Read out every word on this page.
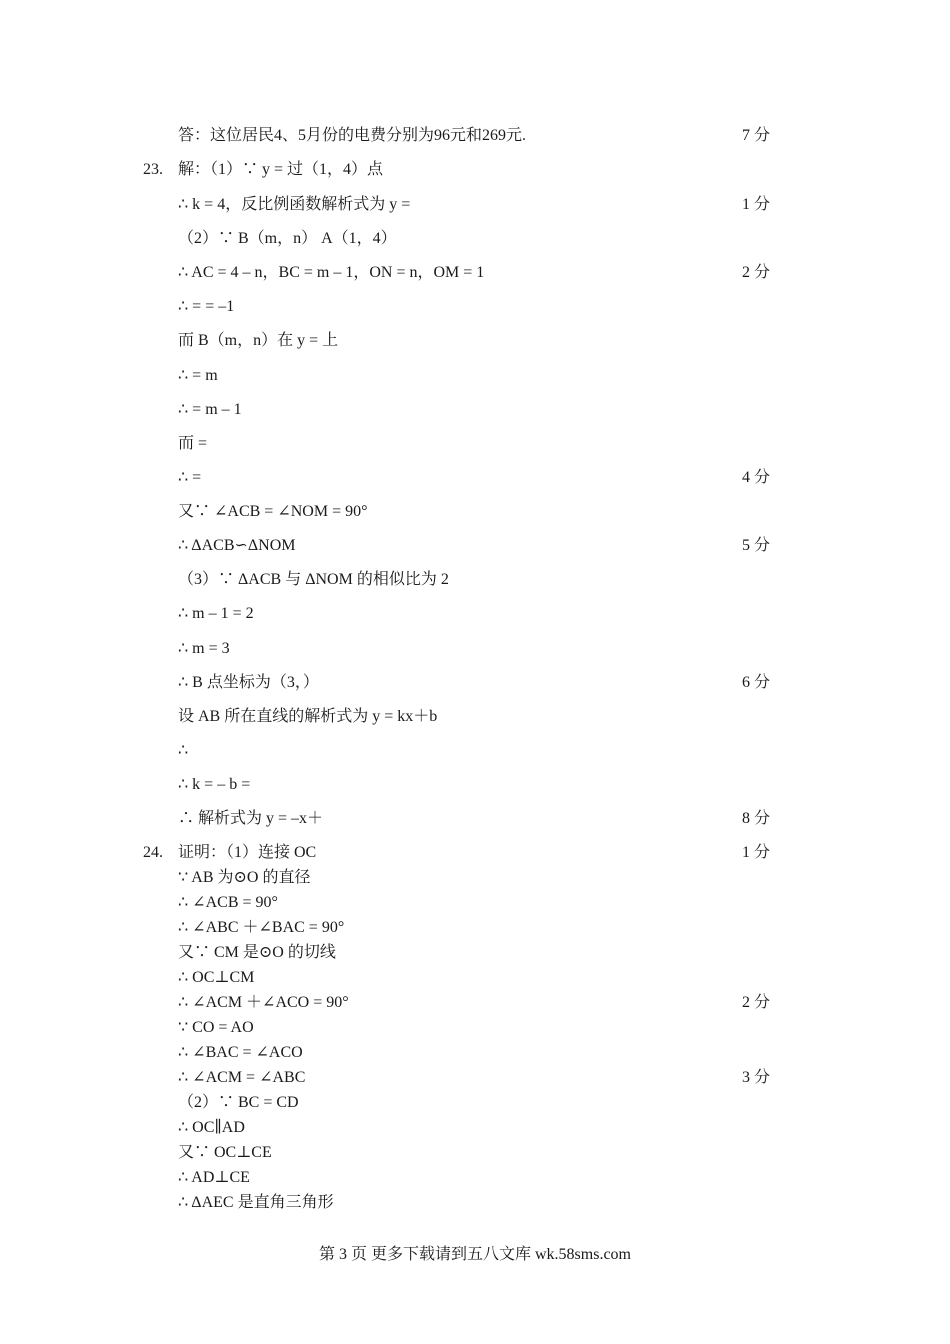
答：这位居民4、5月份的电费分别为96元和269元.	7 分
23. 解：（1）∵ y = 过（1，4）点
∴ k = 4，反比例函数解析式为 y =	1 分
（2）∵ B（m，n） A（1，4）
∴ AC = 4 – n，BC = m – 1，ON = n，OM = 1	2 分
∴ = = –1
而 B（m，n）在 y = 上
∴ = m
∴ = m – 1
而 =
∴ =	4 分
又∵ ∠ACB = ∠NOM = 90°
∴ ΔACB∽ΔNOM	5 分
（3）∵ ΔACB 与 ΔNOM 的相似比为 2
∴ m – 1 = 2
∴ m = 3
∴ B 点坐标为（3，）	6 分
设 AB 所在直线的解析式为 y = kx＋b
∴
∴ k = – b =
∴ 解析式为 y = –x＋	8 分
24. 证明：（1）连接 OC	1 分
∵ AB 为⊙O 的直径
∴ ∠ACB = 90°
∴ ∠ABC ＋∠BAC = 90°
又∵ CM 是⊙O 的切线
∴ OC⊥CM
∴ ∠ACM ＋∠ACO = 90°	2 分
∵ CO = AO
∴ ∠BAC = ∠ACO
∴ ∠ACM = ∠ABC	3 分
（2）∵ BC = CD
∴ OC∥AD
又∵ OC⊥CE
∴ AD⊥CE
∴ ΔAEC 是直角三角形
第 3 页 更多下载请到五八文库 wk.58sms.com
